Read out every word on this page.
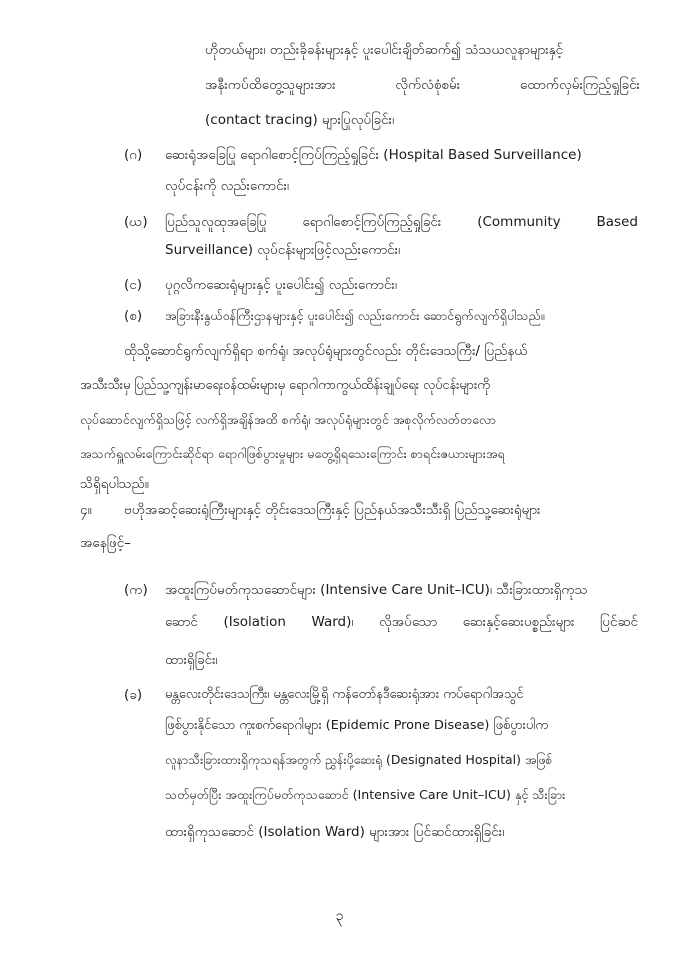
ဟိုတယ်များ၊ တည်းခိုခန်းများနှင့် ပူးပေါင်းချိတ်ဆက်၍ သံသယလူနာများနှင့်
အနီးကပ်ထိတွေ့သူများအား	လိုက်လံစုံစမ်း	ထောက်လှမ်းကြည့်ရှုခြင်း
(contact tracing) များပြုလုပ်ခြင်း၊
(ဂ) ဆေးရုံအခြေပြု ရောဂါစောင့်ကြပ်ကြည့်ရှုခြင်း (Hospital Based Surveillance)
လုပ်ငန်းကို လည်းကောင်း၊
(ဃ) ပြည်သူလူထုအခြေပြု	ရောဂါစောင့်ကြပ်ကြည့်ရှုခြင်း	(Community	Based
Surveillance) လုပ်ငန်းများဖြင့်လည်းကောင်း၊
(င) ပုဂ္ဂလိကဆေးရုံများနှင့် ပူးပေါင်း၍ လည်းကောင်း၊
(စ) အခြားနီးနွယ်ဝန်ကြီးဌာနများနှင့် ပူးပေါင်း၍ လည်းကောင်း ဆောင်ရွက်လျက်ရှိပါသည်။
ထိုသို့ဆောင်ရွက်လျက်ရှိရာ စက်ရုံ၊ အလုပ်ရုံများတွင်လည်း တိုင်းဒေသကြီး/ ပြည်နယ်
အသီးသီးမှ ပြည်သူ့ကျန်းမာရေးဝန်ထမ်းများမှ ရောဂါကာကွယ်ထိန်းချုပ်ရေး လုပ်ငန်းများကို
လုပ်ဆောင်လျက်ရှိသဖြင့် လက်ရှိအချိန်အထိ စက်ရုံ၊ အလုပ်ရုံများတွင် အစုလိုက်လတ်တလော
အသက်ရှူလမ်းကြောင်းဆိုင်ရာ ရောဂါဖြစ်ပွားမှုများ မတွေ့ရှိရသေးကြောင်း စာရင်းဇယားများအရ
သိရှိရပါသည်။
၄။ ဗဟိုအဆင့်ဆေးရုံကြီးများနှင့် တိုင်းဒေသကြီးနှင့် ပြည်နယ်အသီးသီးရှိ ပြည်သူ့ဆေးရုံများ
အနေဖြင့်–
(က) အထူးကြပ်မတ်ကုသဆောင်များ (Intensive Care Unit–ICU)၊ သီးခြားထားရှိကုသ
ဆောင် (Isolation Ward)၊ လိုအပ်သော ဆေးနှင့်ဆေးပစ္စည်းများ ပြင်ဆင်
ထားရှိခြင်း၊
(ခ) မန္တလေးတိုင်းဒေသကြီး၊ မန္တလေးမြို့ရှိ ကန်တော်နဒီဆေးရုံအား ကပ်ရောဂါအသွင်
ဖြစ်ပွားနိုင်သော ကူးစက်ရောဂါများ (Epidemic Prone Disease) ဖြစ်ပွားပါက
လူနာသီးခြားထားရှိကုသရန်အတွက် ညွှန်းပို့ဆေးရုံ (Designated Hospital) အဖြစ်
သတ်မှတ်ပြီး အထူးကြပ်မတ်ကုသဆောင် (Intensive Care Unit–ICU) နှင့် သီးခြား
ထားရှိကုသဆောင် (Isolation Ward) များအား ပြင်ဆင်ထားရှိခြင်း၊
၃
